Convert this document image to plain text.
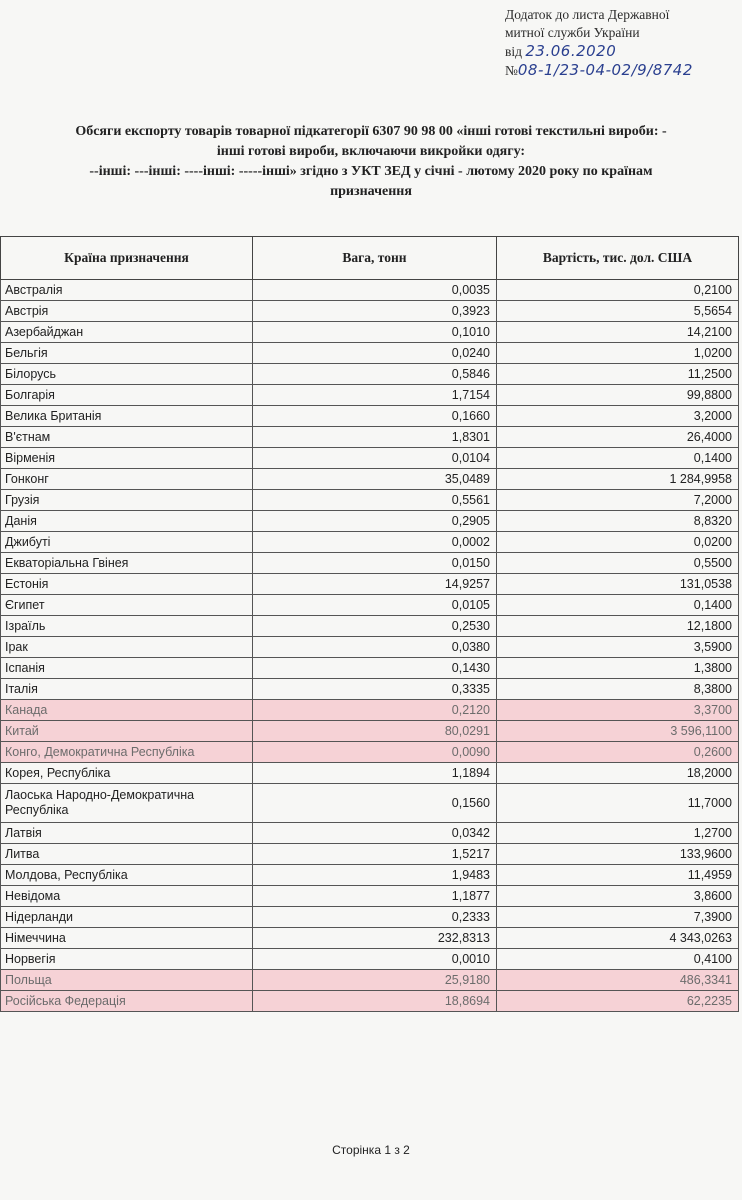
Додаток до листа Державної
митної служби України
від 23.06.2020
№08-1/23-04-02/9/8742
Обсяги експорту товарів товарної підкатегорії 6307 90 98 00 «інші готові текстильні вироби: -
інші готові вироби, включаючи викройки одягу:
--інші: ---інші: ----інші: -----інші» згідно з УКТ ЗЕД у січні - лютому 2020 року по країнам
призначення
Країна призначення	Вага, тонн	Вартість, тис. дол. США
Австралія	0,0035	0,2100
Австрія	0,3923	5,5654
Азербайджан	0,1010	14,2100
Бельгія	0,0240	1,0200
Білорусь	0,5846	11,2500
Болгарія	1,7154	99,8800
Велика Британія	0,1660	3,2000
В'єтнам	1,8301	26,4000
Вірменія	0,0104	0,1400
Гонконг	35,0489	1 284,9958
Грузія	0,5561	7,2000
Данія	0,2905	8,8320
Джибуті	0,0002	0,0200
Екваторіальна Гвінея	0,0150	0,5500
Естонія	14,9257	131,0538
Єгипет	0,0105	0,1400
Ізраїль	0,2530	12,1800
Ірак	0,0380	3,5900
Іспанія	0,1430	1,3800
Італія	0,3335	8,3800
Канада	0,2120	3,3700
Китай	80,0291	3 596,1100
Конго, Демократична Республіка	0,0090	0,2600
Корея, Республіка	1,1894	18,2000
Лаоська Народно-Демократична Республіка	0,1560	11,7000
Латвія	0,0342	1,2700
Литва	1,5217	133,9600
Молдова, Республіка	1,9483	11,4959
Невідома	1,1877	3,8600
Нідерланди	0,2333	7,3900
Німеччина	232,8313	4 343,0263
Норвегія	0,0010	0,4100
Польща	25,9180	486,3341
Російська Федерація	18,8694	62,2235
Сторінка 1 з 2
